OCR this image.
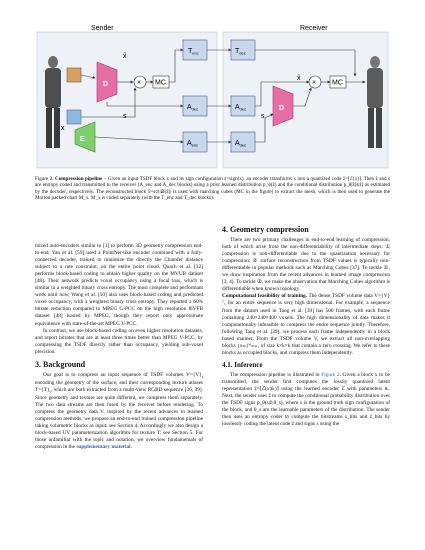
Sender	Receiver
D
E
× MC
$T_{enc}$
$A_{dec}$
$A_{enc}$
$T_{dec}$
$A_{dec}$
$A_{dec}$
D
× MC
x̂
s
x
x̂
s
Figure 2. Compression pipeline – Given an input TSDF block x and its sign configuration s=sign(x), an encoder transforms x into a quantized code ẑ=⌊ℰ(x)⌉. Then ẑ and s are entropy coded and transmitted to the receiver (A_enc and A_dec blocks) using a prior learned distribution p_ϕ(ẑ) and the conditional distribution p_θ|ẑ(s|ẑ) as estimated by the decoder, respectively. The reconstructed block x̂=s⊙|𝒟(ẑ)| is used with marching cubes (MC in the figure) to extract the mesh, which is then used to generate the Morton packed chart M_x. M_x is coded separately (with the T_enc and T_dec blocks).

mized auto-encoders similar to [1] to perform 3D geometry compression end-to-end. Yan et al. [59] used a PointNet-like encoder combined with a fully-connected decoder, trained to minimize the directly the Chamfer distance subject to a rate constraint, on the entire point cloud. Quach et al. [32] performs block-based coding to obtain higher quality on the MVUB dataset [48]. Their network predicts voxel occupancy using a focal loss, which is similar to a weighted binary cross entropy. The most complete and performant work until now, Wang et al. [50] also uses block-based coding and predicted voxel occupancy, with a weighted binary cross entropy. They reported a 60% bitrate reduction compared to MPEG G-PCC on the high resolution 8iVFB dataset [48] hosted by MPEG, though they report only approximate equivalence with state-of-the-art MPEG V-PCC.

In contrast, we use block-based coding on even higher resolution datasets, and report bitrates that are at least three times better than MPEG V-PCC, by compressing the TSDF directly rather than occupancy, yielding sub-voxel precision.

3. Background

Our goal is to compress an input sequence of TSDF volumes $V=\{V\}_t$ encoding the geometry of the surface, and their corresponding texture atlases $T=\{T\}_t$, which are both extracted from a multi-view RGBD sequence [26, 39]. Since geometry and texture are quite different, we compress them separately. The two data streams are then fused by the receiver before rendering. To compress the geometry data V, inspired by the recent advances in learned compression methods, we propose an end-to-end trained compression pipeline taking volumetric blocks as input; see Section 4. Accordingly we also design a block-based UV parameterization algorithm for texture T; see Section 5. For those unfamiliar with the topic and notation, we overview fundamentals of compression in the supplementary material.

4. Geometry compression

There are two primary challenges in end-to-end learning of compression, both of which arise from the non-differentiability of intermediate steps: ① compression is non-differentiable due to the quantization necessary for compression; ② surface reconstruction from TSDF values is typically non-differentiable in popular methods such as Marching Cubes [37]. To tackle ①, we draw inspiration from the recent advances in learned image compression [3, 4]. To tackle ②, we make the observation that Marching Cubes algorithm is differentiable when known topology.

Computational feasibility of training. The dense TSDF volume data V={V}ᵀ₁ for an entire sequence is very high dimensional. For example, a sequence from the dataset used in Tang et al. [39] has 500 frames, with each frame containing 240×240×400 voxels. The high dimensionality of data makes it computationally infeasible to compress the entire sequence jointly. Therefore, following Tang et al. [39], we process each frame independently in a block based manner. From the TSDF volume V, we extract all non-overlapping blocks {xₘ}ᴹₘ₌₁ of size k×k×k that contain a zero crossing. We refer to these blocks as occupied blocks, and compress them independently.

4.1. Inference

The compression pipeline is illustrated in Figure 2. Given a block x to be transmitted, the sender first computes the lossily quantized latent representation ẑ=⌊ℰ(x;θₑ)⌉ using the learned encoder ℰ with parameters θₑ. Next, the sender uses ẑ to compute the conditional probability distribution over the TSDF signs p_θ(s|ẑ;θ_s), where s is the ground truth sign configuration of the block, and θ_s are the learnable parameters of the distribution. The sender then uses an entropy coder to compute the bitstreams s_bits and ẑ_bits by losslessly coding the latent code ẑ and signs s using the
